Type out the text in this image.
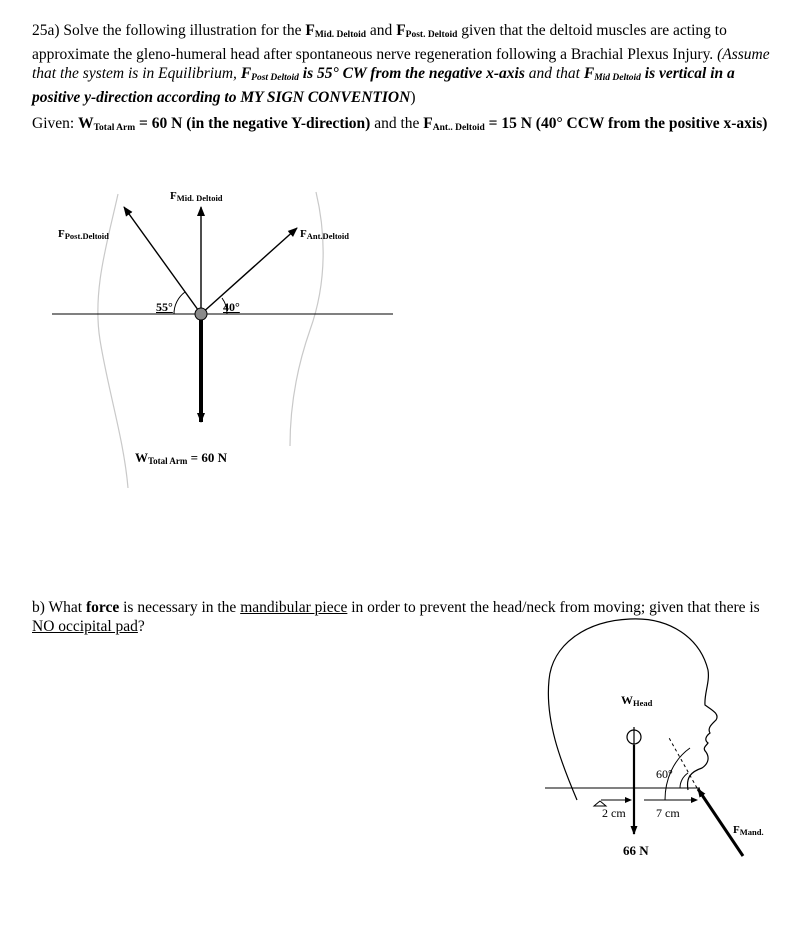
25a) Solve the following illustration for the $F_{Mid. Deltoid}$ and $F_{Post. Deltoid}$ given that the deltoid muscles are acting to approximate the gleno-humeral head after spontaneous nerve regeneration following a Brachial Plexus Injury. (Assume that the system is in Equilibrium, $F_{Post Deltoid}$ is 55° CW from the negative x-axis and that $F_{Mid Deltoid}$ is vertical in a positive y-direction according to MY SIGN CONVENTION)
Given: $W_{Total Arm} = 60$ N (in the negative Y-direction) and the $F_{Ant.. Deltoid} = 15$ N (40° CCW from the positive x-axis)
$F_{Mid. Deltoid}$
$F_{Post.Deltoid}$	$F_{Ant.Deltoid}$
55°	40°
$W_{Total Arm} = 60$ N
b) What force is necessary in the mandibular piece in order to prevent the head/neck from moving; given that there is NO occipital pad?
$W_{Head}$
60°
2 cm	7 cm
66 N
$F_{Mand.}$
